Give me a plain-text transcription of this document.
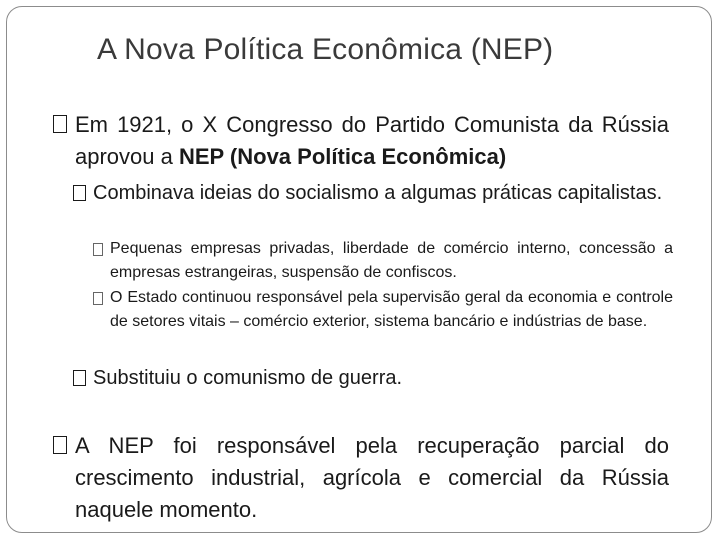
A Nova Política Econômica (NEP)
Em 1921, o X Congresso do Partido Comunista da Rússia aprovou a NEP (Nova Política Econômica)
Combinava ideias do socialismo a algumas práticas capitalistas.
Pequenas empresas privadas, liberdade de comércio interno, concessão a empresas estrangeiras, suspensão de confiscos.
O Estado continuou responsável pela supervisão geral da economia e controle de setores vitais – comércio exterior, sistema bancário e indústrias de base.
Substituiu o comunismo de guerra.
A NEP foi responsável pela recuperação parcial do crescimento industrial, agrícola e comercial da Rússia naquele momento.
